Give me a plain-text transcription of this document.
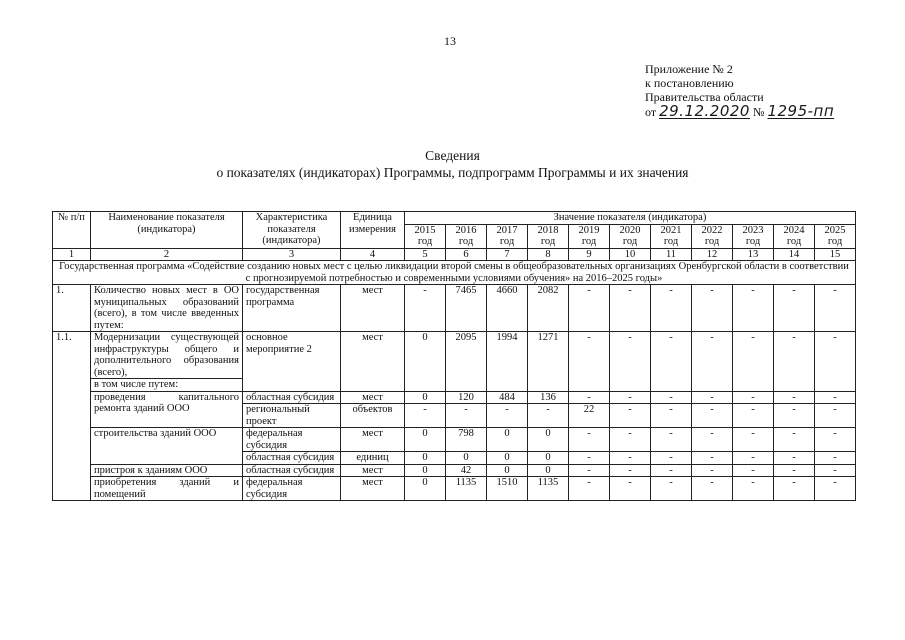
13
Приложение № 2
к постановлению
Правительства области
от 29.12.2020 № 1295-пп
Сведения
о показателях (индикаторах) Программы, подпрограмм Программы и их значения
№ п/п	Наименование показателя (индикатора)	Характеристика показателя (индикатора)	Единица измерения	Значение показателя (индикатора)										
				2015 год	2016 год	2017 год	2018 год	2019 год	2020 год	2021 год	2022 год	2023 год	2024 год	2025 год
1	2	3	4	5	6	7	8	9	10	11	12	13	14	15
Государственная программа «Содействие созданию новых мест с целью ликвидации второй смены в общеобразовательных организациях Оренбургской области в соответствии с прогнозируемой потребностью и современными условиями обучения» на 2016–2025 годы»														
1.	Количество новых мест в ОО муниципальных образований (всего), в том числе введенных путем:	государственная программа	мест	-	7465	4660	2082	-	-	-	-	-	-	-
1.1.	Модернизации существующей инфраструктуры общего и дополнительного образования (всего),	основное мероприятие 2	мест	0	2095	1994	1271	-	-	-	-	-	-	-
	в том числе путем:													
	проведения капитального ремонта зданий ООО	областная субсидия	мест	0	120	484	136	-	-	-	-	-	-	-
		региональный проект	объектов	-	-	-	-	22	-	-	-	-	-	-
	строительства зданий ООО	федеральная субсидия	мест	0	798	0	0	-	-	-	-	-	-	-
		областная субсидия	единиц	0	0	0	0	-	-	-	-	-	-	-
	пристроя к зданиям ООО	областная субсидия	мест	0	42	0	0	-	-	-	-	-	-	-
	приобретения зданий и помещений	федеральная субсидия	мест	0	1135	1510	1135	-	-	-	-	-	-	-
